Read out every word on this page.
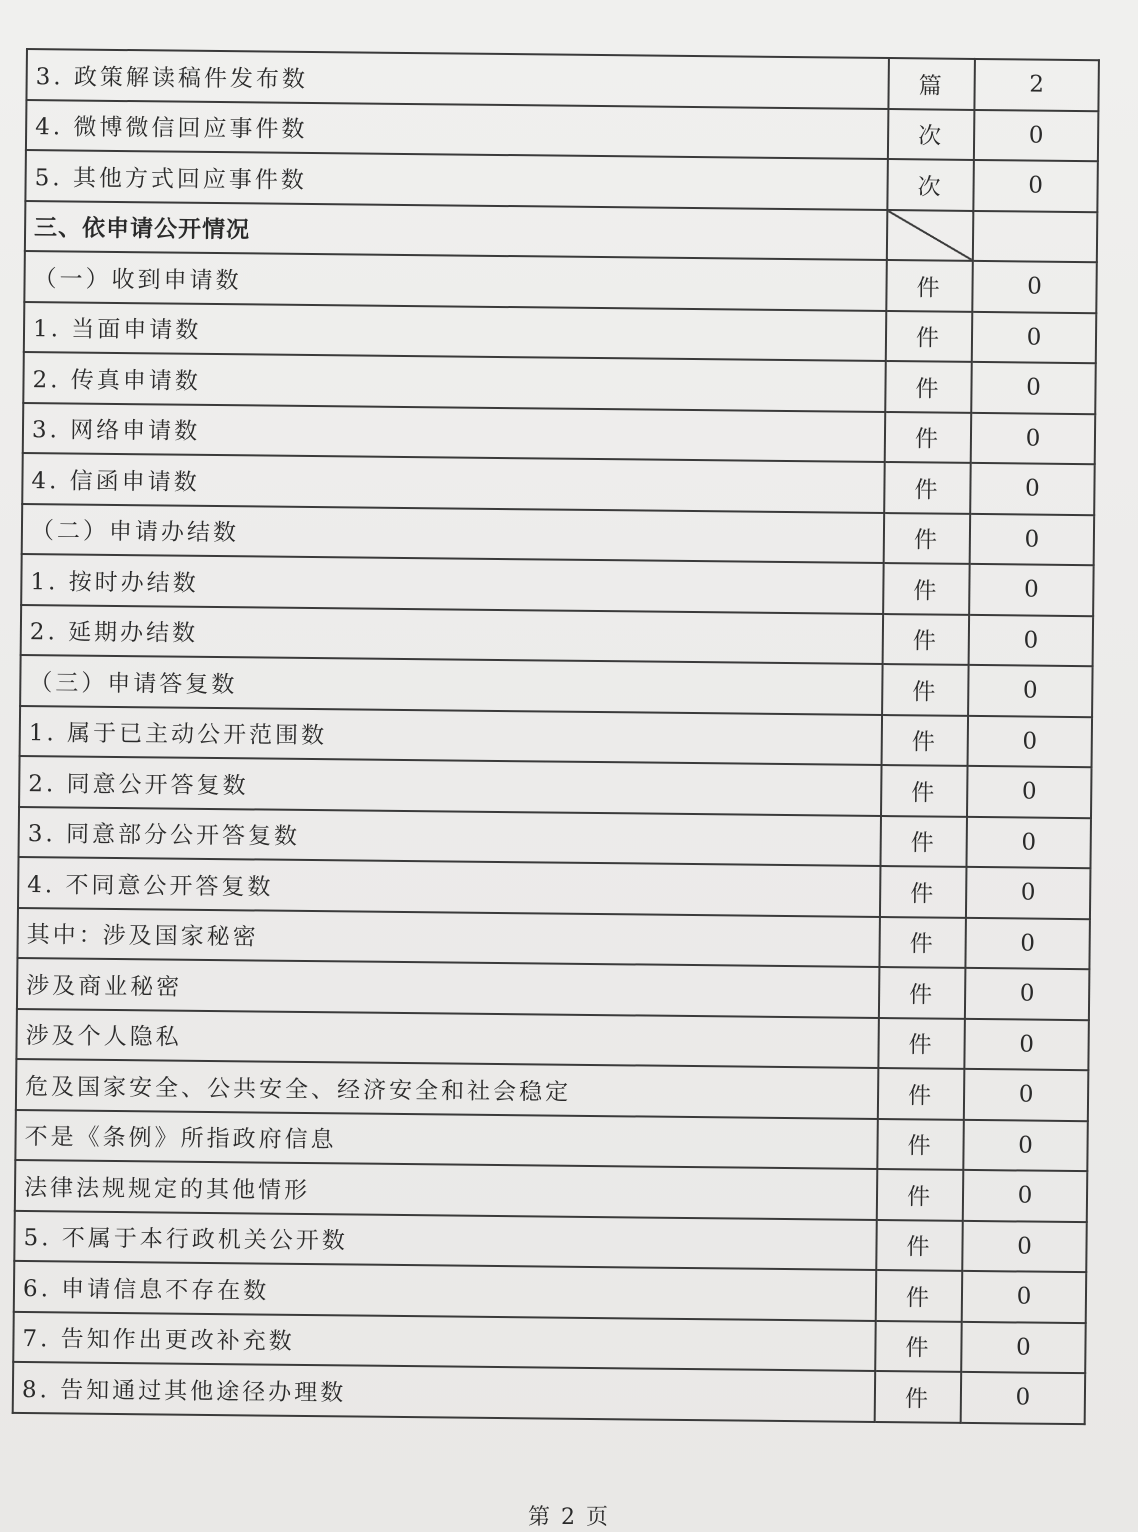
3. 政策解读稿件发布数	篇	2
4. 微博微信回应事件数	次	0
5. 其他方式回应事件数	次	0
三、依申请公开情况		
（一）收到申请数	件	0
1. 当面申请数	件	0
2. 传真申请数	件	0
3. 网络申请数	件	0
4. 信函申请数	件	0
（二）申请办结数	件	0
1. 按时办结数	件	0
2. 延期办结数	件	0
（三）申请答复数	件	0
1. 属于已主动公开范围数	件	0
2. 同意公开答复数	件	0
3. 同意部分公开答复数	件	0
4. 不同意公开答复数	件	0
其中：涉及国家秘密	件	0
涉及商业秘密	件	0
涉及个人隐私	件	0
危及国家安全、公共安全、经济安全和社会稳定	件	0
不是《条例》所指政府信息	件	0
法律法规规定的其他情形	件	0
5. 不属于本行政机关公开数	件	0
6. 申请信息不存在数	件	0
7. 告知作出更改补充数	件	0
8. 告知通过其他途径办理数	件	0
第 2 页
